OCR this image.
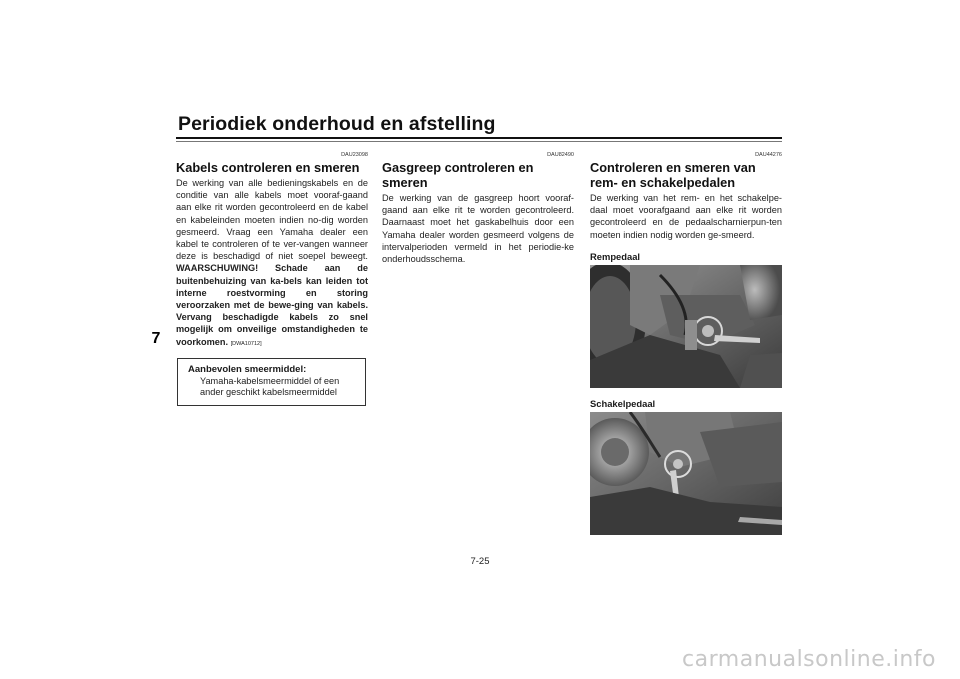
Periodiek onderhoud en afstelling
7
DAU23098
Kabels controleren en smeren
De werking van alle bedieningskabels en de conditie van alle kabels moet vooraf-gaand aan elke rit worden gecontroleerd en de kabel en kabeleinden moeten indien no-dig worden gesmeerd. Vraag een Yamaha dealer een kabel te controleren of te ver-vangen wanneer deze is beschadigd of niet soepel beweegt. WAARSCHUWING! Schade aan de buitenbehuizing van ka-bels kan leiden tot interne roestvorming en storing veroorzaken met de bewe-ging van kabels. Vervang beschadigde kabels zo snel mogelijk om onveilige omstandigheden te voorkomen. [DWA10712]
Aanbevolen smeermiddel:
Yamaha-kabelsmeermiddel of een ander geschikt kabelsmeermiddel
DAU82490
Gasgreep controleren en smeren
De werking van de gasgreep hoort vooraf-gaand aan elke rit te worden gecontroleerd. Daarnaast moet het gaskabelhuis door een Yamaha dealer worden gesmeerd volgens de intervalperioden vermeld in het periodie-ke onderhoudsschema.
DAU44276
Controleren en smeren van rem- en schakelpedalen
De werking van het rem- en het schakelpe-daal moet voorafgaand aan elke rit worden gecontroleerd en de pedaalscharnierpun-ten moeten indien nodig worden ge-smeerd.
Rempedaal
Schakelpedaal
7-25
carmanualsonline.info
